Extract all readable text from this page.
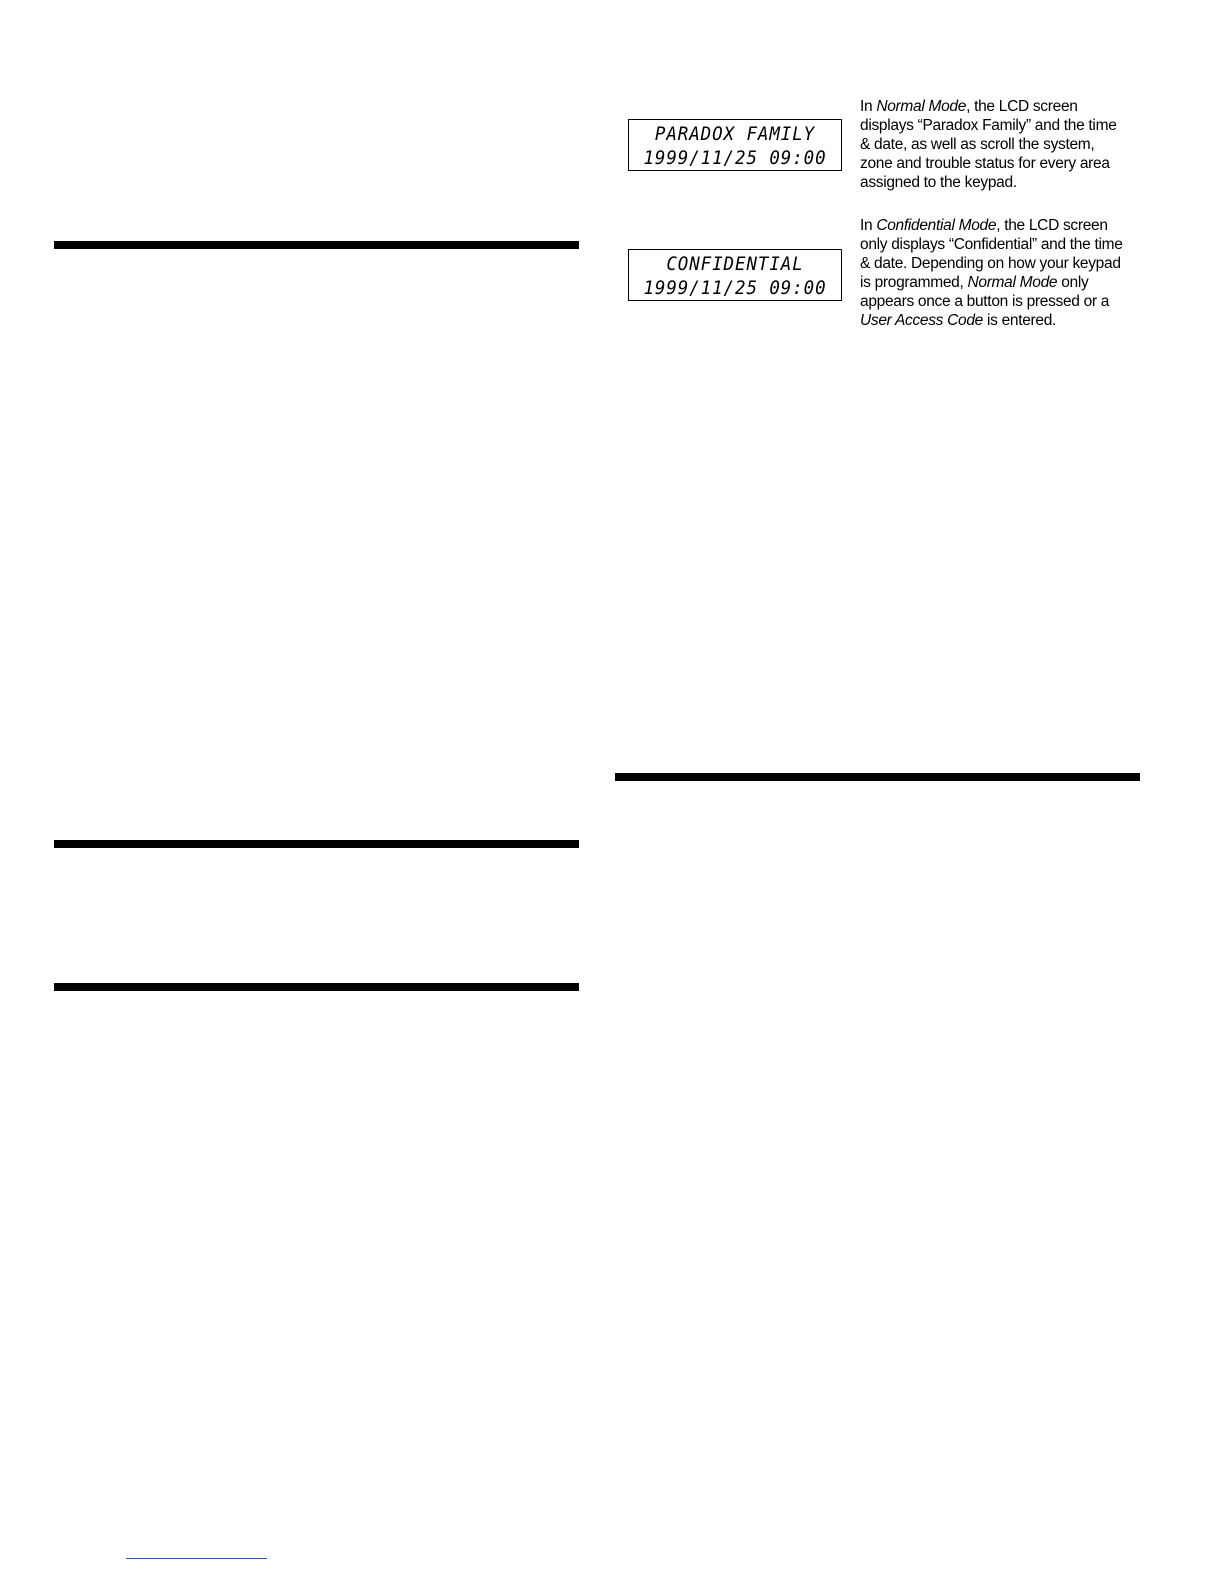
PARADOX FAMILY
1999/11/25 09:00

In Normal Mode, the LCD screen displays “Paradox Family” and the time & date, as well as scroll the system, zone and trouble status for every area assigned to the keypad.

CONFIDENTIAL
1999/11/25 09:00

In Confidential Mode, the LCD screen only displays “Confidential” and the time & date. Depending on how your keypad is programmed, Normal Mode only appears once a button is pressed or a User Access Code is entered.
